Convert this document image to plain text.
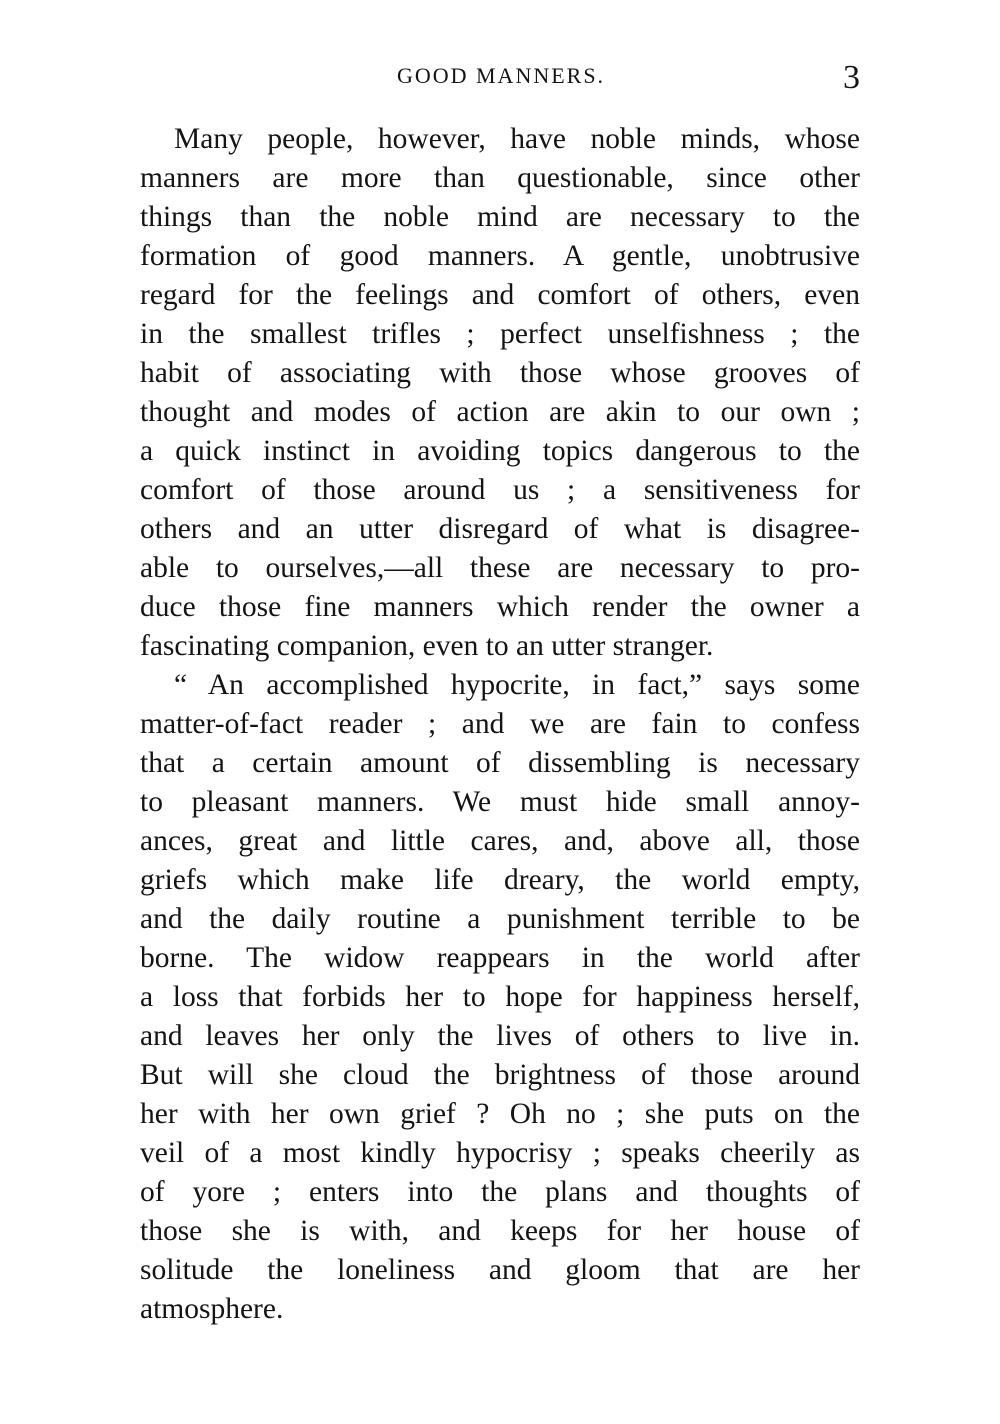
GOOD MANNERS.	3
Many people, however, have noble minds, whose
manners are more than questionable, since other
things than the noble mind are necessary to the
formation of good manners. A gentle, unobtrusive
regard for the feelings and comfort of others, even
in the smallest trifles ; perfect unselfishness ; the
habit of associating with those whose grooves of
thought and modes of action are akin to our own ;
a quick instinct in avoiding topics dangerous to the
comfort of those around us ; a sensitiveness for
others and an utter disregard of what is disagree-
able to ourselves,—all these are necessary to pro-
duce those fine manners which render the owner a
fascinating companion, even to an utter stranger.
“ An accomplished hypocrite, in fact,” says some
matter-of-fact reader ; and we are fain to confess
that a certain amount of dissembling is necessary
to pleasant manners. We must hide small annoy-
ances, great and little cares, and, above all, those
griefs which make life dreary, the world empty,
and the daily routine a punishment terrible to be
borne. The widow reappears in the world after
a loss that forbids her to hope for happiness herself,
and leaves her only the lives of others to live in.
But will she cloud the brightness of those around
her with her own grief ? Oh no ; she puts on the
veil of a most kindly hypocrisy ; speaks cheerily as
of yore ; enters into the plans and thoughts of
those she is with, and keeps for her house of
solitude the loneliness and gloom that are her
atmosphere.
